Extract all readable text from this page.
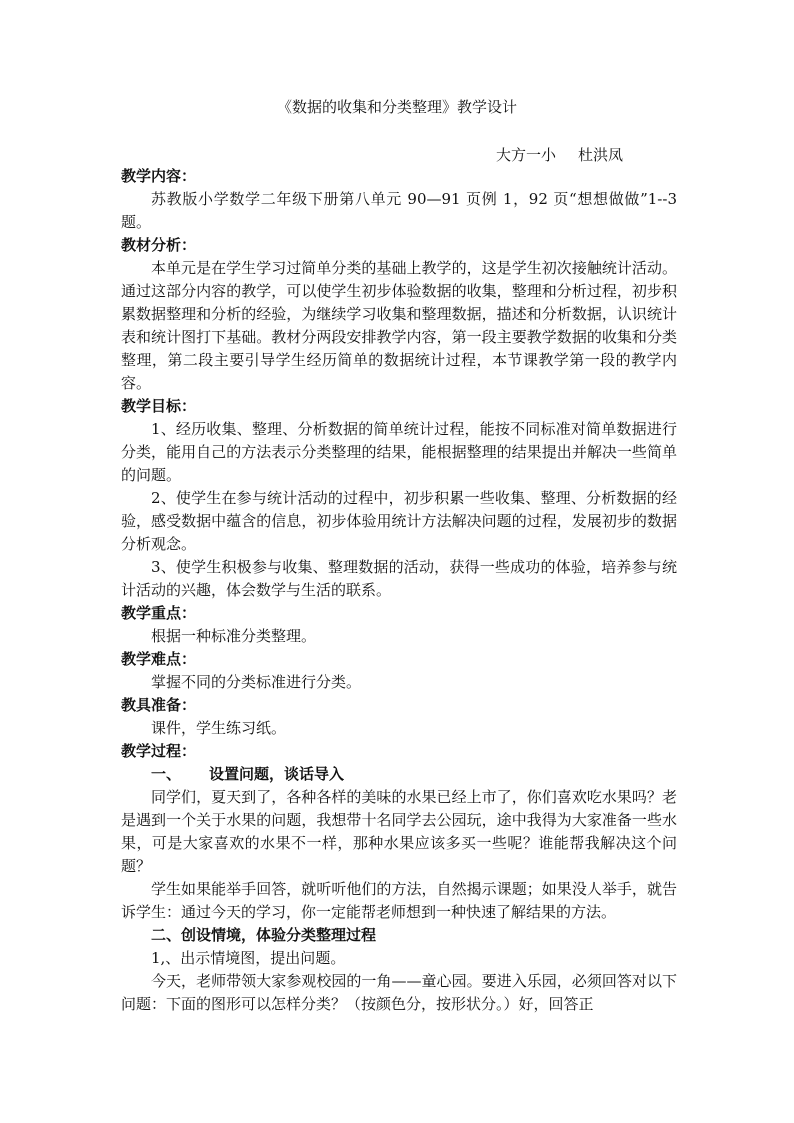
《数据的收集和分类整理》教学设计
大方一小 杜洪凤
教学内容：

苏教版小学数学二年级下册第八单元 90—91 页例 1，92 页“想想做做”1--3 题。

教材分析：

本单元是在学生学习过简单分类的基础上教学的，这是学生初次接触统计活动。通过这部分内容的教学，可以使学生初步体验数据的收集，整理和分析过程，初步积累数据整理和分析的经验，为继续学习收集和整理数据，描述和分析数据，认识统计表和统计图打下基础。教材分两段安排教学内容，第一段主要教学数据的收集和分类整理，第二段主要引导学生经历简单的数据统计过程，本节课教学第一段的教学内容。

教学目标：

1、经历收集、整理、分析数据的简单统计过程，能按不同标准对简单数据进行分类，能用自己的方法表示分类整理的结果，能根据整理的结果提出并解决一些简单的问题。

2、使学生在参与统计活动的过程中，初步积累一些收集、整理、分析数据的经验，感受数据中蕴含的信息，初步体验用统计方法解决问题的过程，发展初步的数据分析观念。

3、使学生积极参与收集、整理数据的活动，获得一些成功的体验，培养参与统计活动的兴趣，体会数学与生活的联系。

教学重点：

根据一种标准分类整理。

教学难点：

掌握不同的分类标准进行分类。

教具准备：

课件，学生练习纸。

教学过程：
一、 设置问题，谈话导入

同学们，夏天到了，各种各样的美味的水果已经上市了，你们喜欢吃水果吗？老是遇到一个关于水果的问题，我想带十名同学去公园玩，途中我得为大家准备一些水果，可是大家喜欢的水果不一样，那种水果应该多买一些呢？谁能帮我解决这个问题？

学生如果能举手回答，就听听他们的方法，自然揭示课题；如果没人举手，就告诉学生：通过今天的学习，你一定能帮老师想到一种快速了解结果的方法。

二、创设情境，体验分类整理过程

1,、出示情境图，提出问题。

今天，老师带领大家参观校园的一角——童心园。要进入乐园，必须回答对以下问题：下面的图形可以怎样分类？（按颜色分，按形状分。）好，回答正
